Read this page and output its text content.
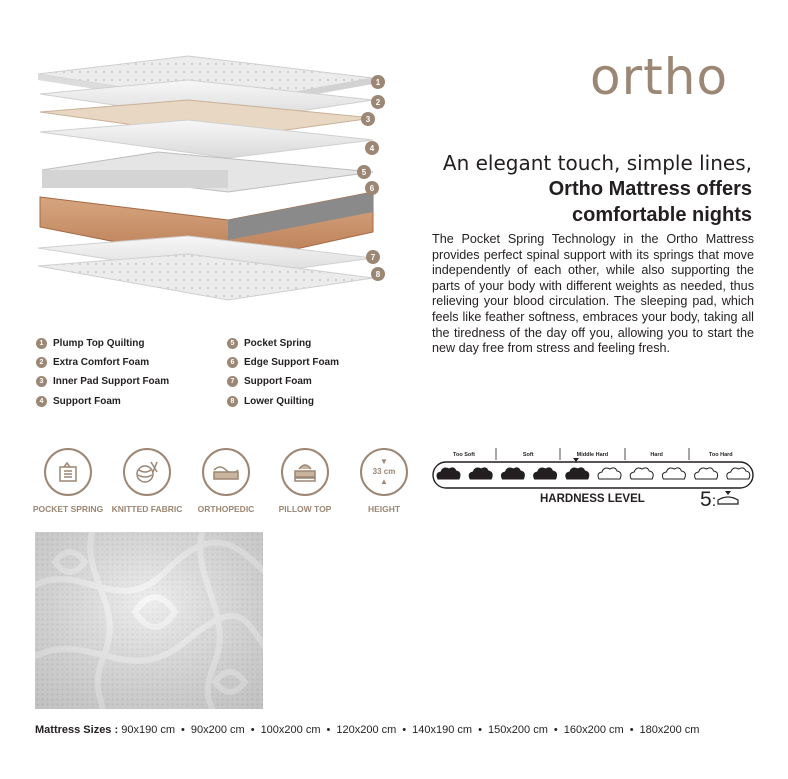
1
2
3
4
5
6
7
8
ortho
An elegant touch, simple lines,
Ortho Mattress offers
comfortable nights
The Pocket Spring Technology in the Ortho Mattress provides perfect spinal support with its springs that move independently of each other, while also supporting the parts of your body with different weights as needed, thus relieving your blood circulation. The sleeping pad, which feels like feather softness, embraces your body, taking all the tiredness of the day off you, allowing you to start the new day free from stress and feeling fresh.
1 Plump Top Quilting
2 Extra Comfort Foam
3 Inner Pad Support Foam
4 Support Foam
5 Pocket Spring
6 Edge Support Foam
7 Support Foam
8 Lower Quilting
POCKET SPRING KNITTED FABRIC	ORTHOPEDIC	PILLOW TOP
▼
33 cm
▲
HEIGHT
Too Soft	Soft	Middle Hard	Hard	Too Hard
HARDNESS LEVEL	5:
Mattress Sizes : 90x190 cm • 90x200 cm • 100x200 cm • 120x200 cm • 140x190 cm • 150x200 cm • 160x200 cm • 180x200 cm
